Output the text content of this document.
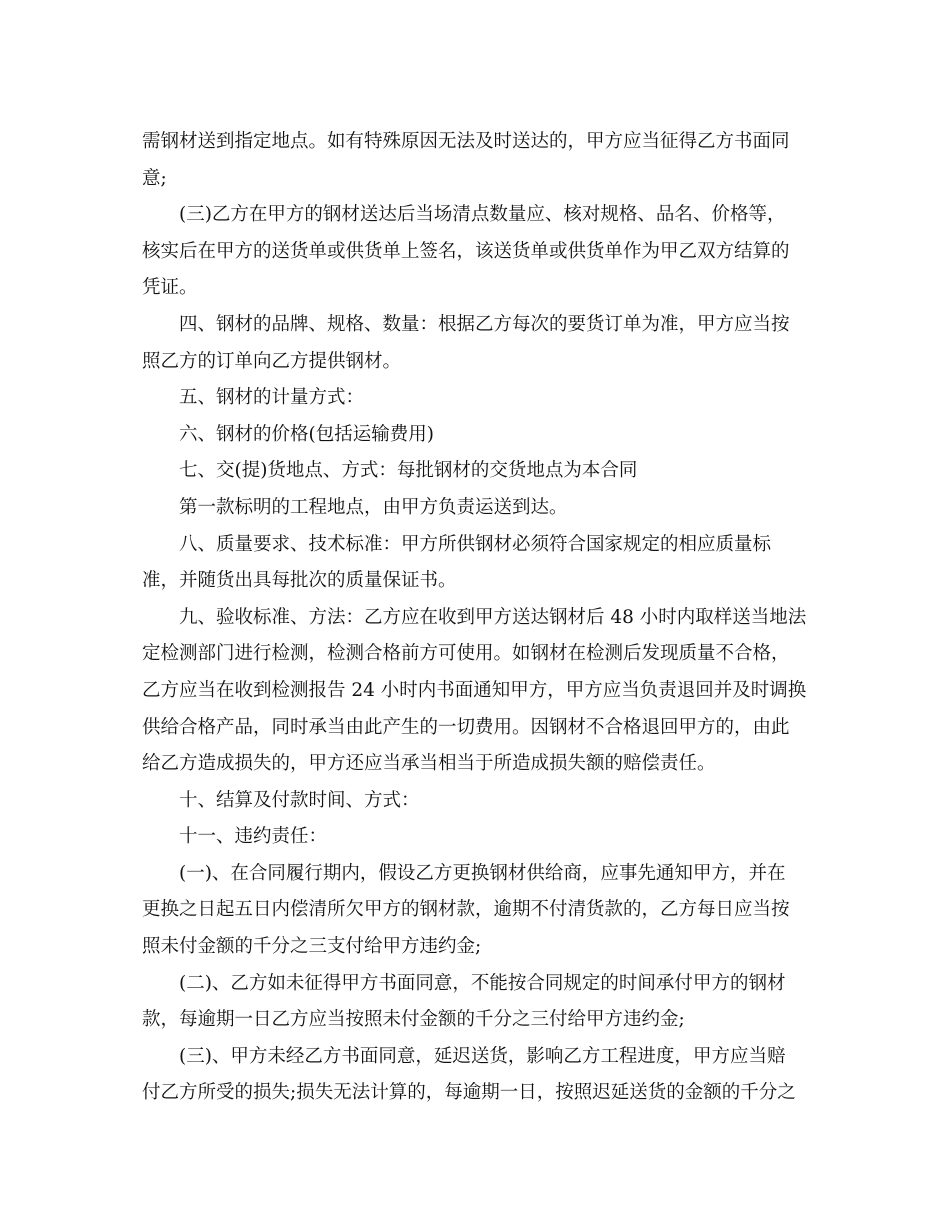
需钢材送到指定地点。如有特殊原因无法及时送达的，甲方应当征得乙方书面同
意;
(三)乙方在甲方的钢材送达后当场清点数量应、核对规格、品名、价格等，
核实后在甲方的送货单或供货单上签名，该送货单或供货单作为甲乙双方结算的
凭证。
四、钢材的品牌、规格、数量：根据乙方每次的要货订单为准，甲方应当按
照乙方的订单向乙方提供钢材。
五、钢材的计量方式：
六、钢材的价格(包括运输费用)
七、交(提)货地点、方式：每批钢材的交货地点为本合同
第一款标明的工程地点，由甲方负责运送到达。
八、质量要求、技术标准：甲方所供钢材必须符合国家规定的相应质量标
准，并随货出具每批次的质量保证书。
九、验收标准、方法：乙方应在收到甲方送达钢材后 48 小时内取样送当地法
定检测部门进行检测，检测合格前方可使用。如钢材在检测后发现质量不合格，
乙方应当在收到检测报告 24 小时内书面通知甲方，甲方应当负责退回并及时调换
供给合格产品，同时承当由此产生的一切费用。因钢材不合格退回甲方的，由此
给乙方造成损失的，甲方还应当承当相当于所造成损失额的赔偿责任。
十、结算及付款时间、方式：
十一、违约责任：
(一)、在合同履行期内，假设乙方更换钢材供给商，应事先通知甲方，并在
更换之日起五日内偿清所欠甲方的钢材款，逾期不付清货款的，乙方每日应当按
照未付金额的千分之三支付给甲方违约金;
(二)、乙方如未征得甲方书面同意，不能按合同规定的时间承付甲方的钢材
款，每逾期一日乙方应当按照未付金额的千分之三付给甲方违约金;
(三)、甲方未经乙方书面同意，延迟送货，影响乙方工程进度，甲方应当赔
付乙方所受的损失;损失无法计算的，每逾期一日，按照迟延送货的金额的千分之
